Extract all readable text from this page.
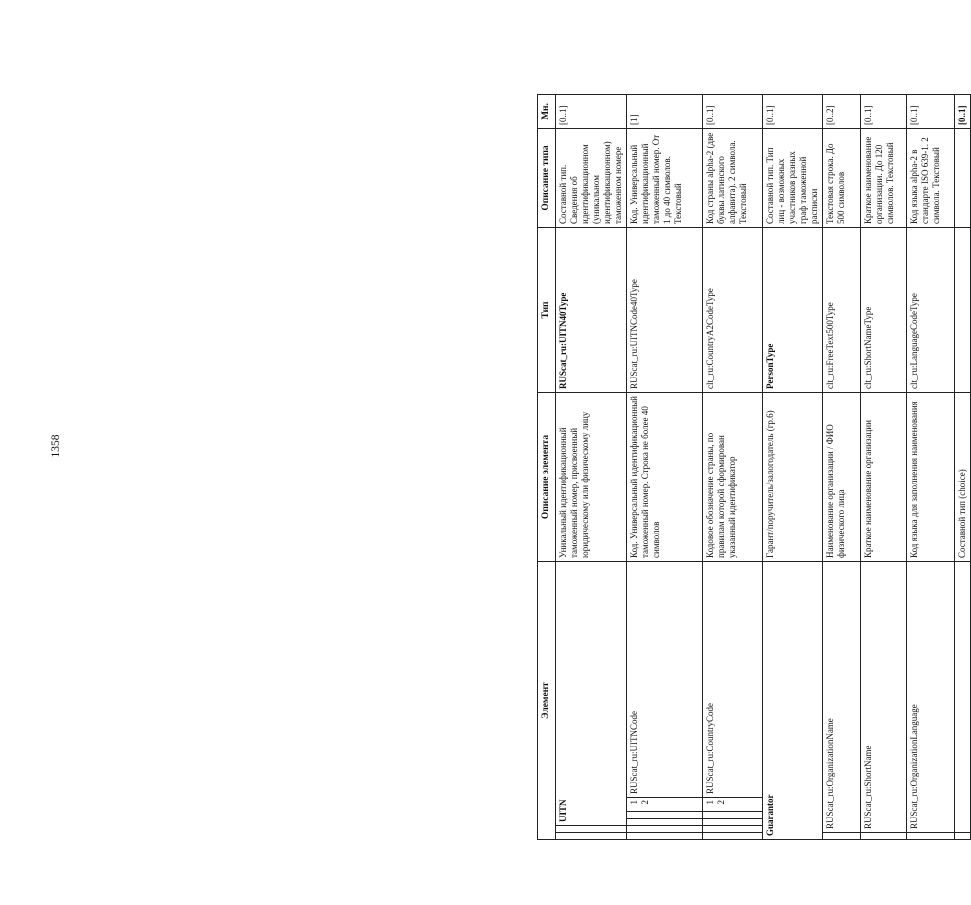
1358
Элемент						Описание элемента	Тип	Описание типа	Мн.
		UITN				Уникальный идентификационный таможенный номер, присвоенный юридическому или физическому лицу	RUScat_ru:UITN40Type	Составной тип. Сведения об идентификационном (уникальном идентификационном) таможенном номере	[0..1]
				12	RUScat_ru:UITNCode	Код. Универсальный идентификационный таможенный номер. Строка не более 40 символов	RUScat_ru:UITNCode40Type	Код. Универсальный идентификационный таможенный номер. От 1 до 40 символов. Текстовый	[1]
				12	RUScat_ru:CountryCode	Кодовое обозначение страны, по правилам которой сформирован указанный идентификатор	clt_ru:CountryA2CodeType	Код страны alpha-2 (две буквы латинского алфавита). 2 символа. Текстовый	[0..1]
Guarantor						Гарант/поручитель/залогодатель (гр.6)	PersonType	Составной тип. Тип лиц - возможных участников разных граф таможенной расписки	[0..1]
	RUScat_ru:OrganizationName					Наименование организации / ФИО физического лица	clt_ru:FreeText500Type	Текстовая строка. До 500 символов	[0..2]
	RUScat_ru:ShortName					Краткое наименование организации	clt_ru:ShortNameType	Краткое наименование организации. До 120 символов. Текстовый	[0..1]
	RUScat_ru:OrganizationLanguage					Код языка для заполнения наименования	clt_ru:LanguageCodeType	Код языка alpha-2 в стандарте ISO 639-1. 2 символа. Текстовый	[0..1]
						Составной тип (choice)			[0..1]
